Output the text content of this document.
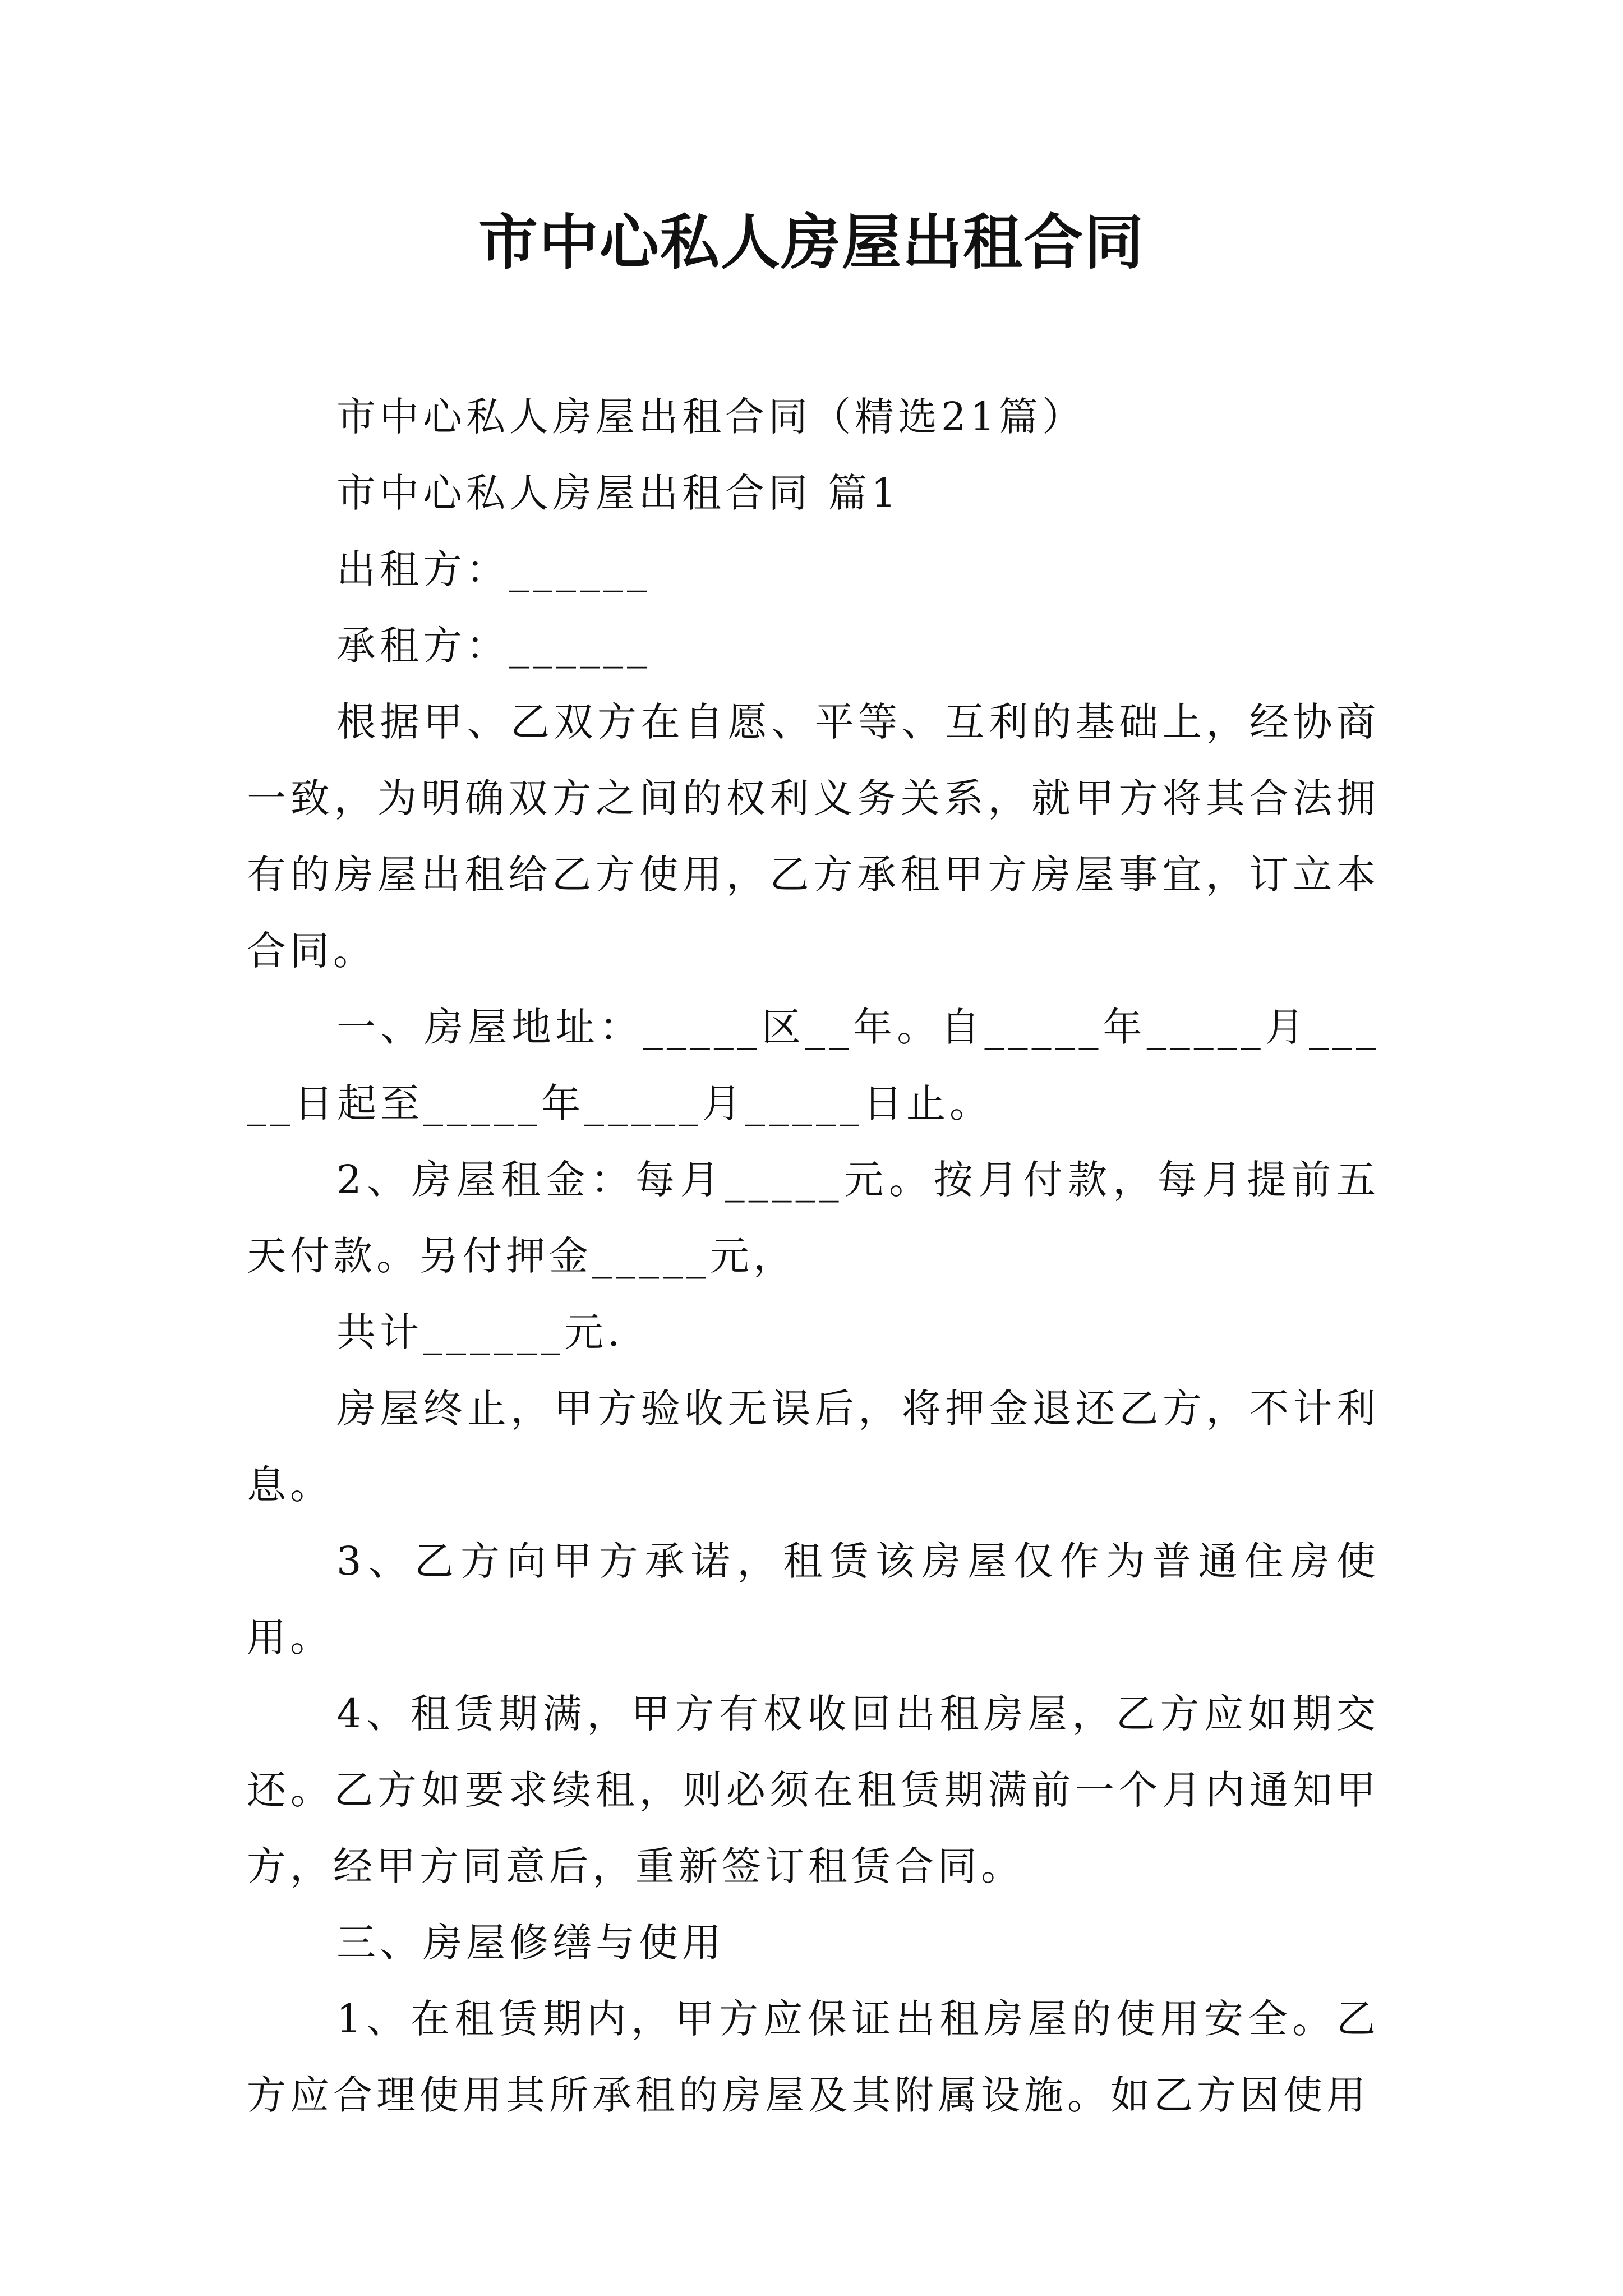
市中心私人房屋出租合同

市中心私人房屋出租合同（精选21篇）

市中心私人房屋出租合同 篇1

出租方：______

承租方：______

根据甲、乙双方在自愿、平等、互利的基础上，经协商一致，为明确双方之间的权利义务关系，就甲方将其合法拥有的房屋出租给乙方使用，乙方承租甲方房屋事宜，订立本合同。

一、房屋地址：_____区__年。自_____年_____月_____日起至_____年_____月_____日止。

2、房屋租金：每月_____元。按月付款，每月提前五天付款。另付押金_____元，

共计______元.

房屋终止，甲方验收无误后，将押金退还乙方，不计利息。

3、乙方向甲方承诺，租赁该房屋仅作为普通住房使用。

4、租赁期满，甲方有权收回出租房屋，乙方应如期交还。乙方如要求续租，则必须在租赁期满前一个月内通知甲方，经甲方同意后，重新签订租赁合同。

三、房屋修缮与使用

1、在租赁期内，甲方应保证出租房屋的使用安全。乙方应合理使用其所承租的房屋及其附属设施。如乙方因使用
